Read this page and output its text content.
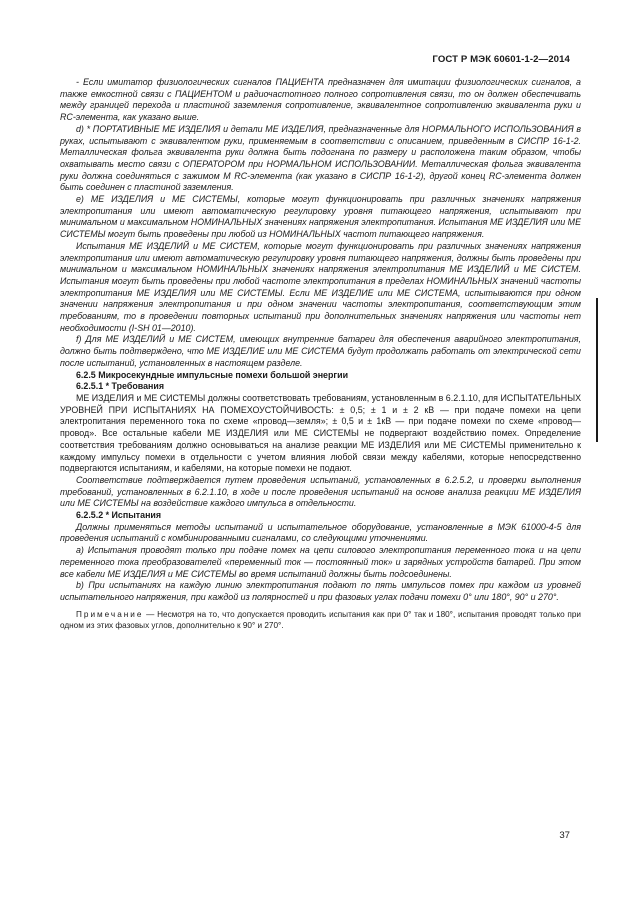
ГОСТ Р МЭК 60601-1-2—2014

- Если имитатор физиологических сигналов ПАЦИЕНТА предназначен для имитации физиологических сигналов, а также емкостной связи с ПАЦИЕНТОМ и радиочастотного полного сопротивления связи, то он должен обеспечивать между границей перехода и пластиной заземления сопротивление, эквивалентное сопротивлению эквивалента руки и RC-элемента, как указано выше.

d) * ПОРТАТИВНЫЕ МЕ ИЗДЕЛИЯ и детали МЕ ИЗДЕЛИЯ, предназначенные для НОРМАЛЬНОГО ИСПОЛЬЗОВАНИЯ в руках, испытывают с эквивалентом руки, применяемым в соответствии с описанием, приведенным в СИСПР 16-1-2. Металлическая фольга эквивалента руки должна быть подогнана по размеру и расположена таким образом, чтобы охватывать место связи с ОПЕРАТОРОМ при НОРМАЛЬНОМ ИСПОЛЬЗОВАНИИ. Металлическая фольга эквивалента руки должна соединяться с зажимом M RC-элемента (как указано в СИСПР 16-1-2), другой конец RC-элемента должен быть соединен с пластиной заземления.

e) МЕ ИЗДЕЛИЯ и МЕ СИСТЕМЫ, которые могут функционировать при различных значениях напряжения электропитания или имеют автоматическую регулировку уровня питающего напряжения, испытывают при минимальном и максимальном НОМИНАЛЬНЫХ значениях напряжения электропитания. Испытания МЕ ИЗДЕЛИЯ или МЕ СИСТЕМЫ могут быть проведены при любой из НОМИНАЛЬНЫХ частот питающего напряжения.

Испытания МЕ ИЗДЕЛИЙ и МЕ СИСТЕМ, которые могут функционировать при различных значениях напряжения электропитания или имеют автоматическую регулировку уровня питающего напряжения, должны быть проведены при минимальном и максимальном НОМИНАЛЬНЫХ значениях напряжения электропитания МЕ ИЗДЕЛИЙ и МЕ СИСТЕМ. Испытания могут быть проведены при любой частоте электропитания в пределах НОМИНАЛЬНЫХ значений частоты электропитания МЕ ИЗДЕЛИЯ или МЕ СИСТЕМЫ. Если МЕ ИЗДЕЛИЕ или МЕ СИСТЕМА, испытываются при одном значении напряжения электропитания и при одном значении частоты электропитания, соответствующим этим требованиям, то в проведении повторных испытаний при дополнительных значениях напряжения или частоты нет необходимости (I-SH 01—2010).

f) Для МЕ ИЗДЕЛИЙ и МЕ СИСТЕМ, имеющих внутренние батареи для обеспечения аварийного электропитания, должно быть подтверждено, что МЕ ИЗДЕЛИЕ или МЕ СИСТЕМА будут продолжать работать от электрической сети после испытаний, установленных в настоящем разделе.

6.2.5 Микросекундные импульсные помехи большой энергии

6.2.5.1 * Требования

МЕ ИЗДЕЛИЯ и МЕ СИСТЕМЫ должны соответствовать требованиям, установленным в 6.2.1.10, для ИСПЫТАТЕЛЬНЫХ УРОВНЕЙ ПРИ ИСПЫТАНИЯХ НА ПОМЕХОУСТОЙЧИВОСТЬ: ± 0,5; ± 1 и ± 2 кВ — при подаче помехи на цепи электропитания переменного тока по схеме «провод—земля»; ± 0,5 и ± 1кВ — при подаче помехи по схеме «провод—провод». Все остальные кабели МЕ ИЗДЕЛИЯ или МЕ СИСТЕМЫ не подвергают воздействию помех. Определение соответствия требованиям должно основываться на анализе реакции МЕ ИЗДЕЛИЯ или МЕ СИСТЕМЫ применительно к каждому импульсу помехи в отдельности с учетом влияния любой связи между кабелями, которые непосредственно подвергаются испытаниям, и кабелями, на которые помехи не подают.

Соответствие подтверждается путем проведения испытаний, установленных в 6.2.5.2, и проверки выполнения требований, установленных в 6.2.1.10, в ходе и после проведения испытаний на основе анализа реакции МЕ ИЗДЕЛИЯ или МЕ СИСТЕМЫ на воздействие каждого импульса в отдельности.

6.2.5.2 * Испытания

Должны применяться методы испытаний и испытательное оборудование, установленные в МЭК 61000-4-5 для проведения испытаний с комбинированными сигналами, со следующими уточнениями.

a) Испытания проводят только при подаче помех на цепи силового электропитания переменного тока и на цепи переменного тока преобразователей «переменный ток — постоянный ток» и зарядных устройств батарей. При этом все кабели МЕ ИЗДЕЛИЯ и МЕ СИСТЕМЫ во время испытаний должны быть подсоединены.

b) При испытаниях на каждую линию электропитания подают по пять импульсов помех при каждом из уровней испытательного напряжения, при каждой из полярностей и при фазовых углах подачи помехи 0° или 180°, 90° и 270°.

Примечание — Несмотря на то, что допускается проводить испытания как при 0° так и 180°, испытания проводят только при одном из этих фазовых углов, дополнительно к 90° и 270°.

37
